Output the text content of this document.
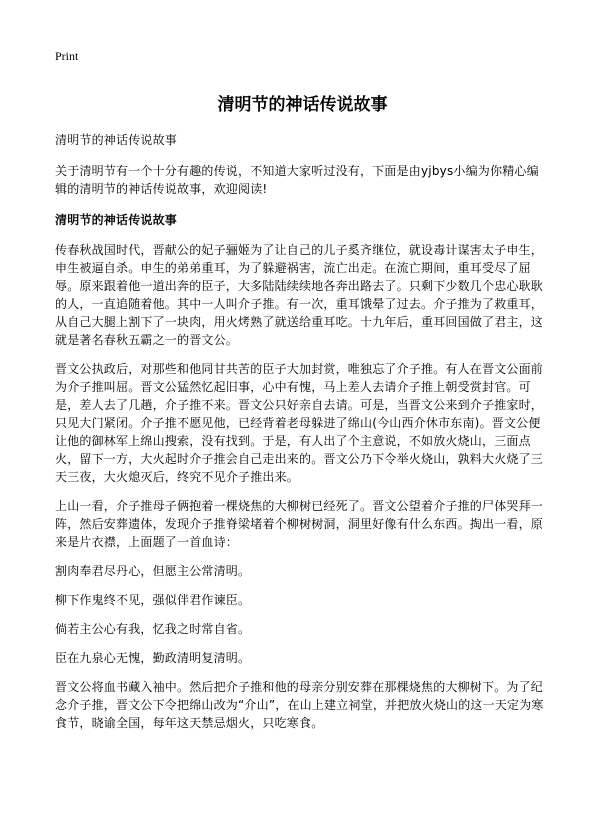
Print
清明节的神话传说故事

清明节的神话传说故事

关于清明节有一个十分有趣的传说，不知道大家听过没有，下面是由yjbys小编为你精心编辑的清明节的神话传说故事，欢迎阅读!

清明节的神话传说故事

传春秋战国时代，晋献公的妃子骊姬为了让自己的儿子奚齐继位，就设毒计谋害太子申生，申生被逼自杀。申生的弟弟重耳，为了躲避祸害，流亡出走。在流亡期间，重耳受尽了屈辱。原来跟着他一道出奔的臣子，大多陆陆续续地各奔出路去了。只剩下少数几个忠心耿耿的人，一直追随着他。其中一人叫介子推。有一次，重耳饿晕了过去。介子推为了救重耳，从自己大腿上割下了一块肉，用火烤熟了就送给重耳吃。十九年后，重耳回国做了君主，这就是著名春秋五霸之一的晋文公。

晋文公执政后，对那些和他同甘共苦的臣子大加封赏，唯独忘了介子推。有人在晋文公面前为介子推叫屈。晋文公猛然忆起旧事，心中有愧，马上差人去请介子推上朝受赏封官。可是，差人去了几趟，介子推不来。晋文公只好亲自去请。可是，当晋文公来到介子推家时，只见大门紧闭。介子推不愿见他，已经背着老母躲进了绵山(今山西介休市东南)。晋文公便让他的御林军上绵山搜索，没有找到。于是，有人出了个主意说，不如放火烧山，三面点火，留下一方，大火起时介子推会自己走出来的。晋文公乃下令举火烧山，孰料大火烧了三天三夜，大火熄灭后，终究不见介子推出来。

上山一看，介子推母子俩抱着一棵烧焦的大柳树已经死了。晋文公望着介子推的尸体哭拜一阵，然后安葬遗体，发现介子推脊梁堵着个柳树树洞，洞里好像有什么东西。掏出一看，原来是片衣襟，上面题了一首血诗：

割肉奉君尽丹心，但愿主公常清明。

柳下作鬼终不见，强似伴君作谏臣。

倘若主公心有我，忆我之时常自省。

臣在九泉心无愧，勤政清明复清明。

晋文公将血书藏入袖中。然后把介子推和他的母亲分别安葬在那棵烧焦的大柳树下。为了纪念介子推，晋文公下令把绵山改为“介山”，在山上建立祠堂，并把放火烧山的这一天定为寒食节，晓谕全国，每年这天禁忌烟火，只吃寒食。
